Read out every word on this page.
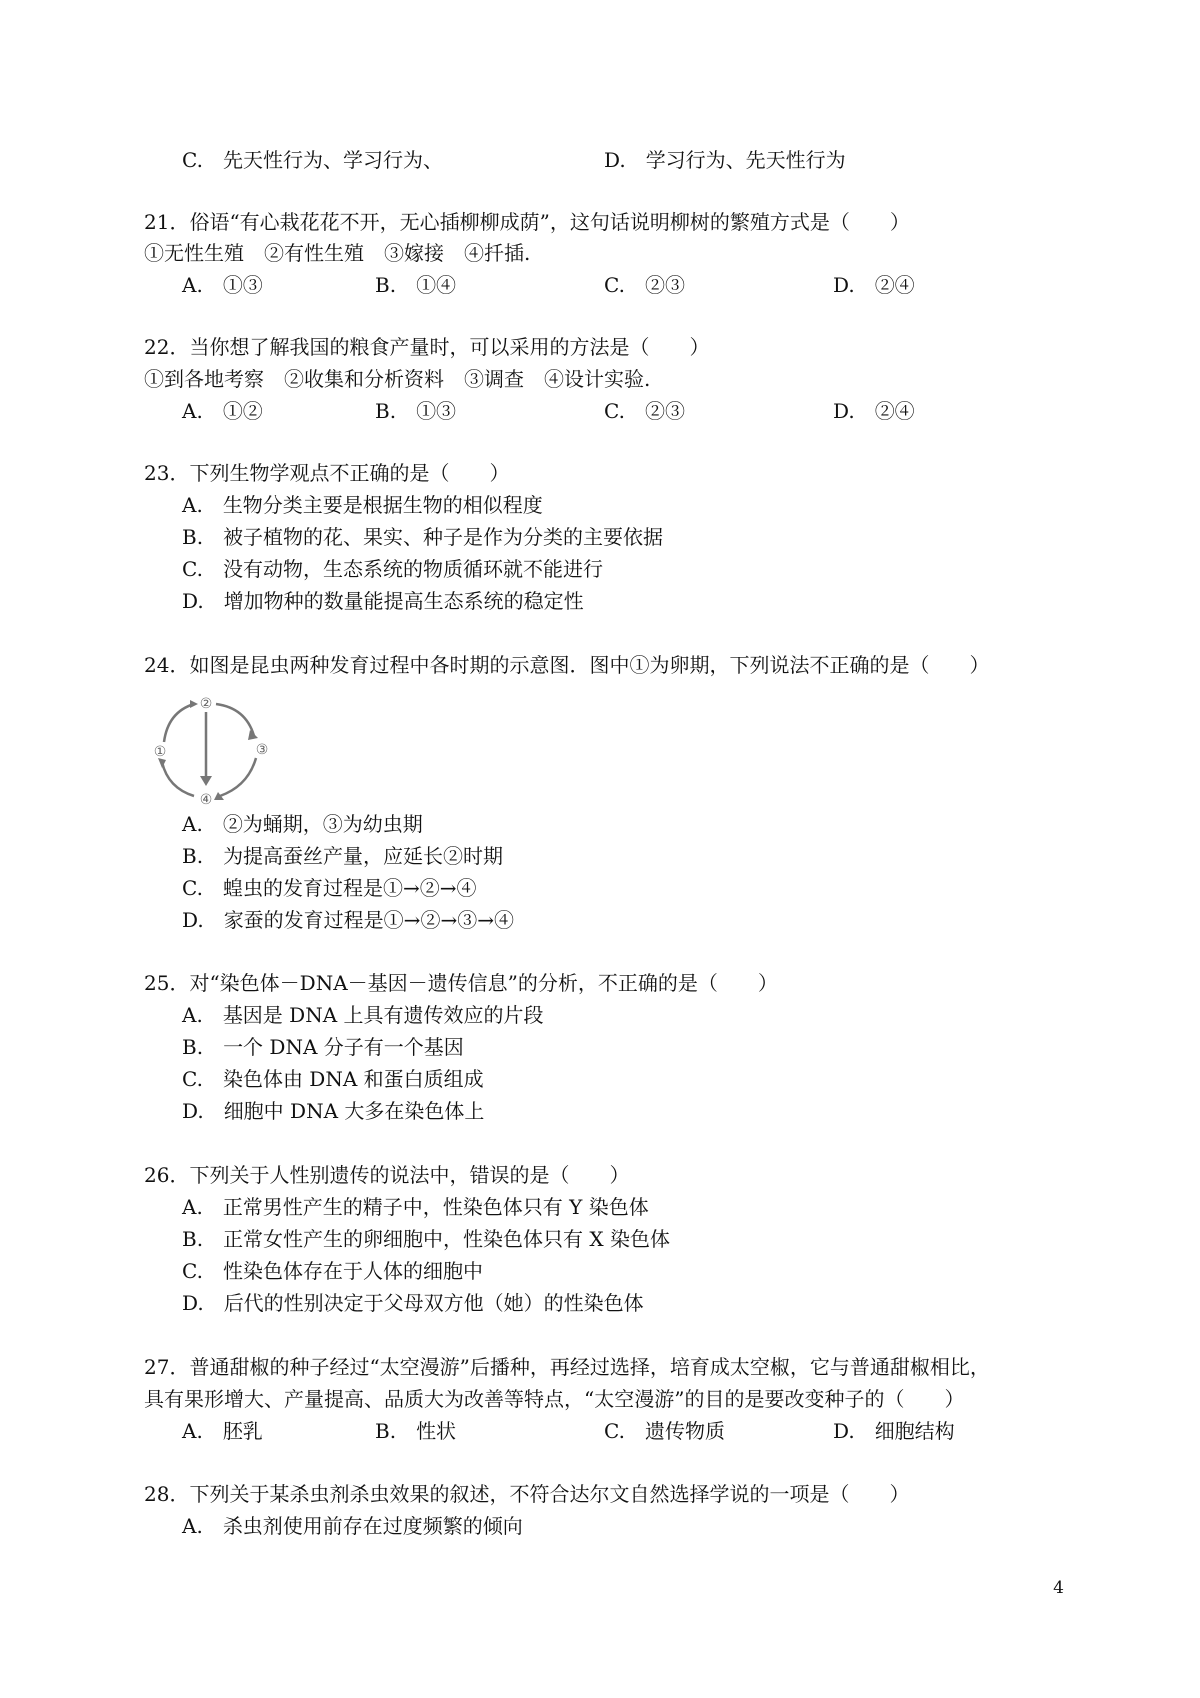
C.　 先天性行为、学习行为、	D.　 学习行为、先天性行为
21．俗语“有心栽花花不开，无心插柳柳成荫”，这句话说明柳树的繁殖方式是（　　）
①无性生殖　②有性生殖　③嫁接　④扦插.
A.　 ①③	B.　 ①④	C.　 ②③	D.　 ②④
22．当你想了解我国的粮食产量时，可以采用的方法是（　　）
①到各地考察　②收集和分析资料　③调查　④设计实验.
A.　 ①②	B.　 ①③	C.　 ②③	D.　 ②④
23．下列生物学观点不正确的是（　　）
A.　 生物分类主要是根据生物的相似程度
B.　 被子植物的花、果实、种子是作为分类的主要依据
C.　 没有动物，生态系统的物质循环就不能进行
D.　 增加物种的数量能提高生态系统的稳定性
24．如图是昆虫两种发育过程中各时期的示意图．图中①为卵期，下列说法不正确的是（　　）
②
①	③
④
A.　 ②为蛹期，③为幼虫期
B.　 为提高蚕丝产量，应延长②时期
C.　 蝗虫的发育过程是①→②→④
D.　 家蚕的发育过程是①→②→③→④
25．对“染色体－DNA－基因－遗传信息”的分析，不正确的是（　　）
A.　 基因是 DNA 上具有遗传效应的片段
B.　 一个 DNA 分子有一个基因
C.　 染色体由 DNA 和蛋白质组成
D.　 细胞中 DNA 大多在染色体上
26．下列关于人性别遗传的说法中，错误的是（　　）
A.　 正常男性产生的精子中，性染色体只有 Y 染色体
B.　 正常女性产生的卵细胞中，性染色体只有 X 染色体
C.　 性染色体存在于人体的细胞中
D.　 后代的性别决定于父母双方他（她）的性染色体
27．普通甜椒的种子经过“太空漫游”后播种，再经过选择，培育成太空椒，它与普通甜椒相比，
具有果形增大、产量提高、品质大为改善等特点，“太空漫游”的目的是要改变种子的（　　）
A.　 胚乳	B.　 性状	C.　 遗传物质	D.　 细胞结构
28．下列关于某杀虫剂杀虫效果的叙述，不符合达尔文自然选择学说的一项是（　　）
A.　 杀虫剂使用前存在过度频繁的倾向
4
